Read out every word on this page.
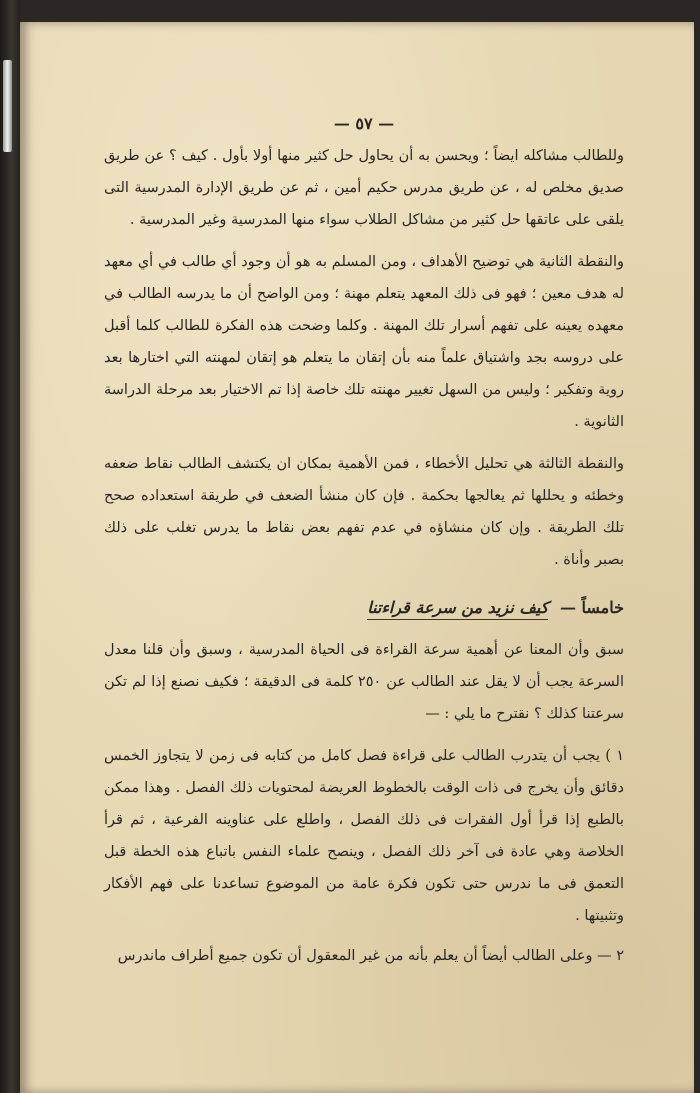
— ٥٧ —

وللطالب مشاكله ايضاً ؛ ويحسن به أن يحاول حل كثير منها أولا بأول . كيف ؟ عن طريق صديق مخلص له ، عن طريق مدرس حكيم أمين ، ثم عن طريق الإدارة المدرسية التى يلقى على عاتقها حل كثير من مشاكل الطلاب سواء منها المدرسية وغير المدرسية .

والنقطة الثانية هي توضيح الأهداف ، ومن المسلم به هو أن وجود أي طالب في أي معهد له هدف معين ؛ فهو فى ذلك المعهد يتعلم مهنة ؛ ومن الواضح أن ما يدرسه الطالب في معهده يعينه على تفهم أسرار تلك المهنة . وكلما وضحت هذه الفكرة للطالب كلما أقبل على دروسه بجد واشتياق علماً منه بأن إتقان ما يتعلم هو إتقان لمهنته التي اختارها بعد روية وتفكير ؛ وليس من السهل تغيير مهنته تلك خاصة إذا تم الاختيار بعد مرحلة الدراسة الثانوية .

والنقطة الثالثة هي تحليل الأخطاء ، فمن الأهمية بمكان ان يكتشف الطالب نقاط ضعفه وخطئه و يحللها ثم يعالجها بحكمة . فإن كان منشأ الضعف في طريقة استعداده صحح تلك الطريقة . وإن كان منشاؤه في عدم تفهم بعض نقاط ما يدرس تغلب على ذلك بصبر وأناة .

خامساً — كيف نزيد من سرعة قراءتنا

سبق وأن المعنا عن أهمية سرعة القراءة فى الحياة المدرسية ، وسبق وأن قلنا معدل السرعة يجب أن لا يقل عند الطالب عن ٢٥٠ كلمة فى الدقيقة ؛ فكيف نصنع إذا لم تكن سرعتنا كذلك ؟ نقترح ما يلي : —

١ ) يجب أن يتدرب الطالب على قراءة فصل كامل من كتابه فى زمن لا يتجاوز الخمس دقائق وأن يخرج فى ذات الوقت بالخطوط العريضة لمحتويات ذلك الفصل . وهذا ممكن بالطبع إذا قرأ أول الفقرات فى ذلك الفصل ، واطلع على عناوينه الفرعية ، ثم قرأ الخلاصة وهي عادة فى آخر ذلك الفصل ، وينصح علماء النفس باتباع هذه الخطة قبل التعمق فى ما ندرس حتى تكون فكرة عامة من الموضوع تساعدنا على فهم الأفكار وتثبيتها .

٢ — وعلى الطالب أيضاً أن يعلم بأنه من غير المعقول أن تكون جميع أطراف ماندرس
